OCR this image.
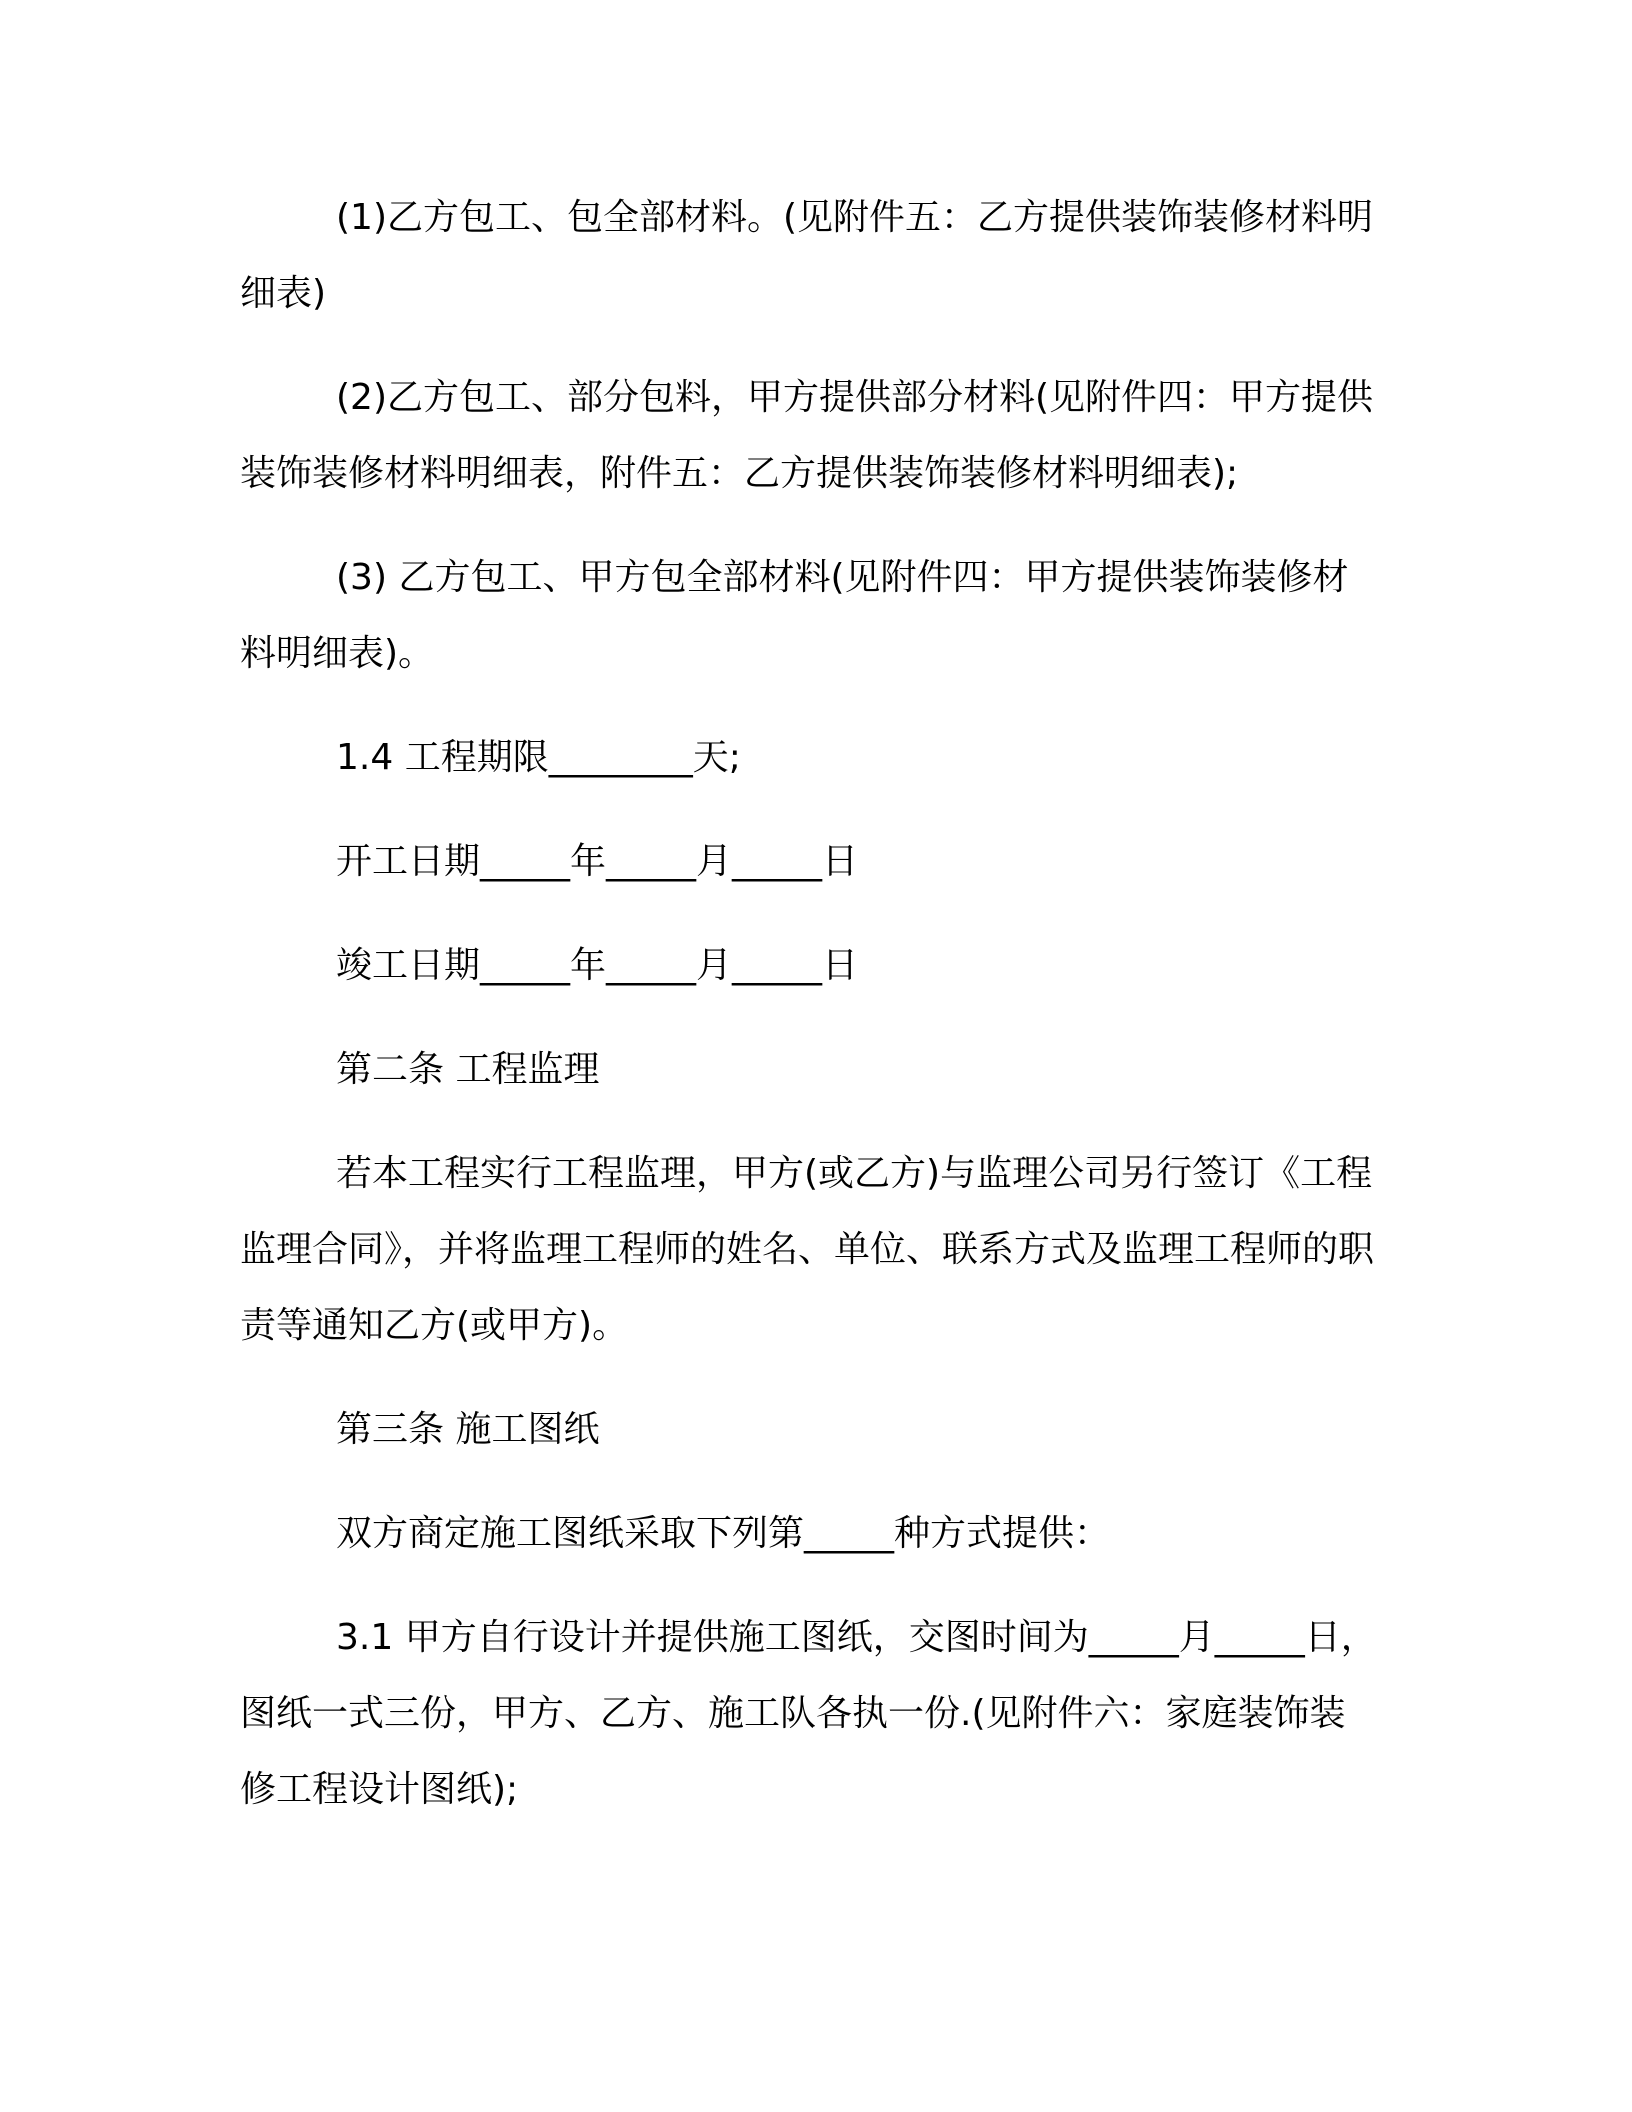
(1)乙方包工、包全部材料。(见附件五：乙方提供装饰装修材料明细表)

(2)乙方包工、部分包料，甲方提供部分材料(见附件四：甲方提供装饰装修材料明细表，附件五：乙方提供装饰装修材料明细表);

(3) 乙方包工、甲方包全部材料(见附件四：甲方提供装饰装修材料明细表)。

1.4 工程期限________天;

开工日期_____年_____月_____日

竣工日期_____年_____月_____日

第二条 工程监理

若本工程实行工程监理，甲方(或乙方)与监理公司另行签订《工程监理合同》，并将监理工程师的姓名、单位、联系方式及监理工程师的职责等通知乙方(或甲方)。

第三条 施工图纸

双方商定施工图纸采取下列第_____种方式提供：

3.1 甲方自行设计并提供施工图纸，交图时间为_____月_____日，图纸一式三份，甲方、乙方、施工队各执一份.(见附件六：家庭装饰装修工程设计图纸);
